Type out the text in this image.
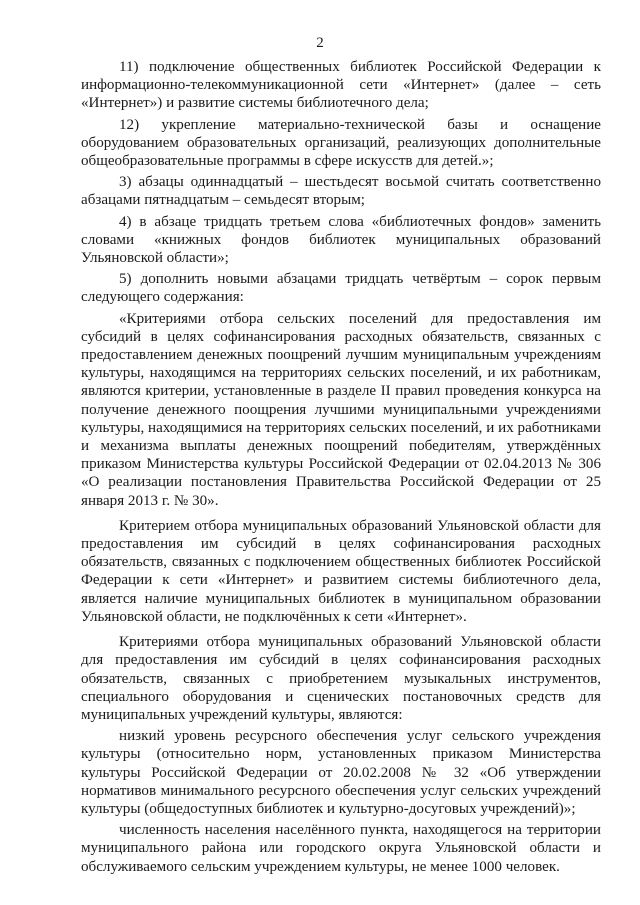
2

11) подключение общественных библиотек Российской Федерации к информационно-телекоммуникационной сети «Интернет» (далее – сеть «Интернет») и развитие системы библиотечного дела;

12) укрепление материально-технической базы и оснащение оборудованием образовательных организаций, реализующих дополнительные общеобразовательные программы в сфере искусств для детей.»;

3) абзацы одиннадцатый – шестьдесят восьмой считать соответственно абзацами пятнадцатым – семьдесят вторым;

4) в абзаце тридцать третьем слова «библиотечных фондов» заменить словами «книжных фондов библиотек муниципальных образований Ульяновской области»;

5) дополнить новыми абзацами тридцать четвёртым – сорок первым следующего содержания:

«Критериями отбора сельских поселений для предоставления им субсидий в целях софинансирования расходных обязательств, связанных с предоставлением денежных поощрений лучшим муниципальным учреждениям культуры, находящимся на территориях сельских поселений, и их работникам, являются критерии, установленные в разделе II правил проведения конкурса на получение денежного поощрения лучшими муниципальными учреждениями культуры, находящимися на территориях сельских поселений, и их работниками и механизма выплаты денежных поощрений победителям, утверждённых приказом Министерства культуры Российской Федерации от 02.04.2013 № 306 «О реализации постановления Правительства Российской Федерации от 25 января 2013 г. № 30».

Критерием отбора муниципальных образований Ульяновской области для предоставления им субсидий в целях софинансирования расходных обязательств, связанных с подключением общественных библиотек Российской Федерации к сети «Интернет» и развитием системы библиотечного дела, является наличие муниципальных библиотек в муниципальном образовании Ульяновской области, не подключённых к сети «Интернет».

Критериями отбора муниципальных образований Ульяновской области для предоставления им субсидий в целях софинансирования расходных обязательств, связанных с приобретением музыкальных инструментов, специального оборудования и сценических постановочных средств для муниципальных учреждений культуры, являются:

низкий уровень ресурсного обеспечения услуг сельского учреждения культуры (относительно норм, установленных приказом Министерства культуры Российской Федерации от 20.02.2008 № 32 «Об утверждении нормативов минимального ресурсного обеспечения услуг сельских учреждений культуры (общедоступных библиотек и культурно-досуговых учреждений)»;

численность населения населённого пункта, находящегося на территории муниципального района или городского округа Ульяновской области и обслуживаемого сельским учреждением культуры, не менее 1000 человек.
